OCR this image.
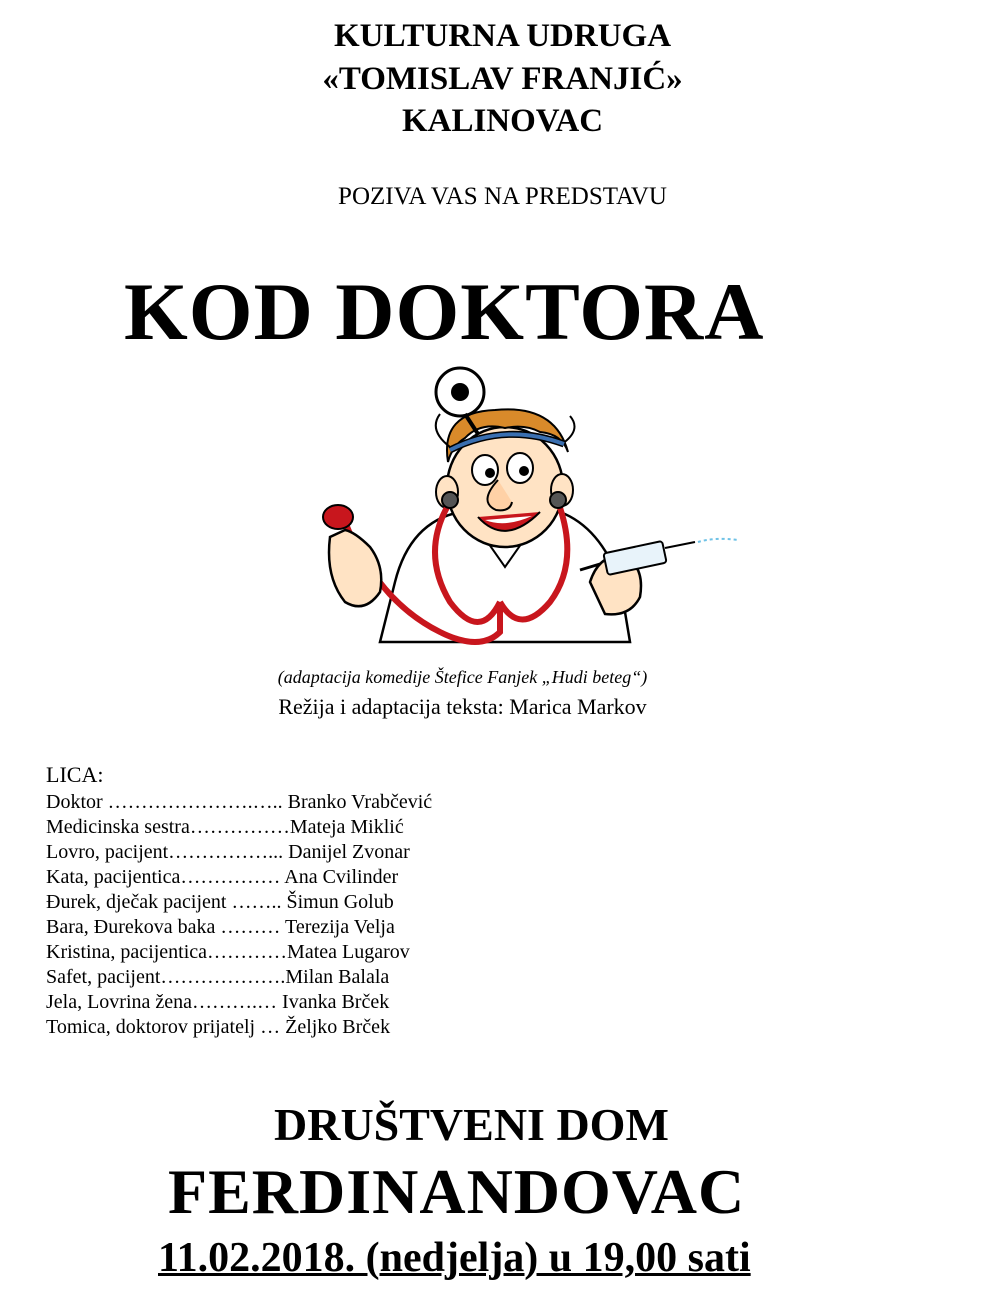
KULTURNA UDRUGA
«TOMISLAV FRANJIĆ»
KALINOVAC
POZIVA VAS NA PREDSTAVU
KOD DOKTORA
(adaptacija komedije Štefice Fanjek „Hudi beteg“)
Režija i adaptacija teksta: Marica Markov
LICA:
Doktor ………………….….. Branko Vrabčević
Medicinska sestra……………Mateja Miklić
Lovro, pacijent……………... Danijel Zvonar
Kata, pacijentica…………… Ana Cvilinder
Đurek, dječak pacijent …….. Šimun Golub
Bara, Đurekova baka ……… Terezija Velja
Kristina, pacijentica…………Matea Lugarov
Safet, pacijent……………….Milan Balala
Jela, Lovrina žena……….… Ivanka Brček
Tomica, doktorov prijatelj … Željko Brček
DRUŠTVENI DOM
FERDINANDOVAC
11.02.2018. (nedjelja) u 19,00 sati
